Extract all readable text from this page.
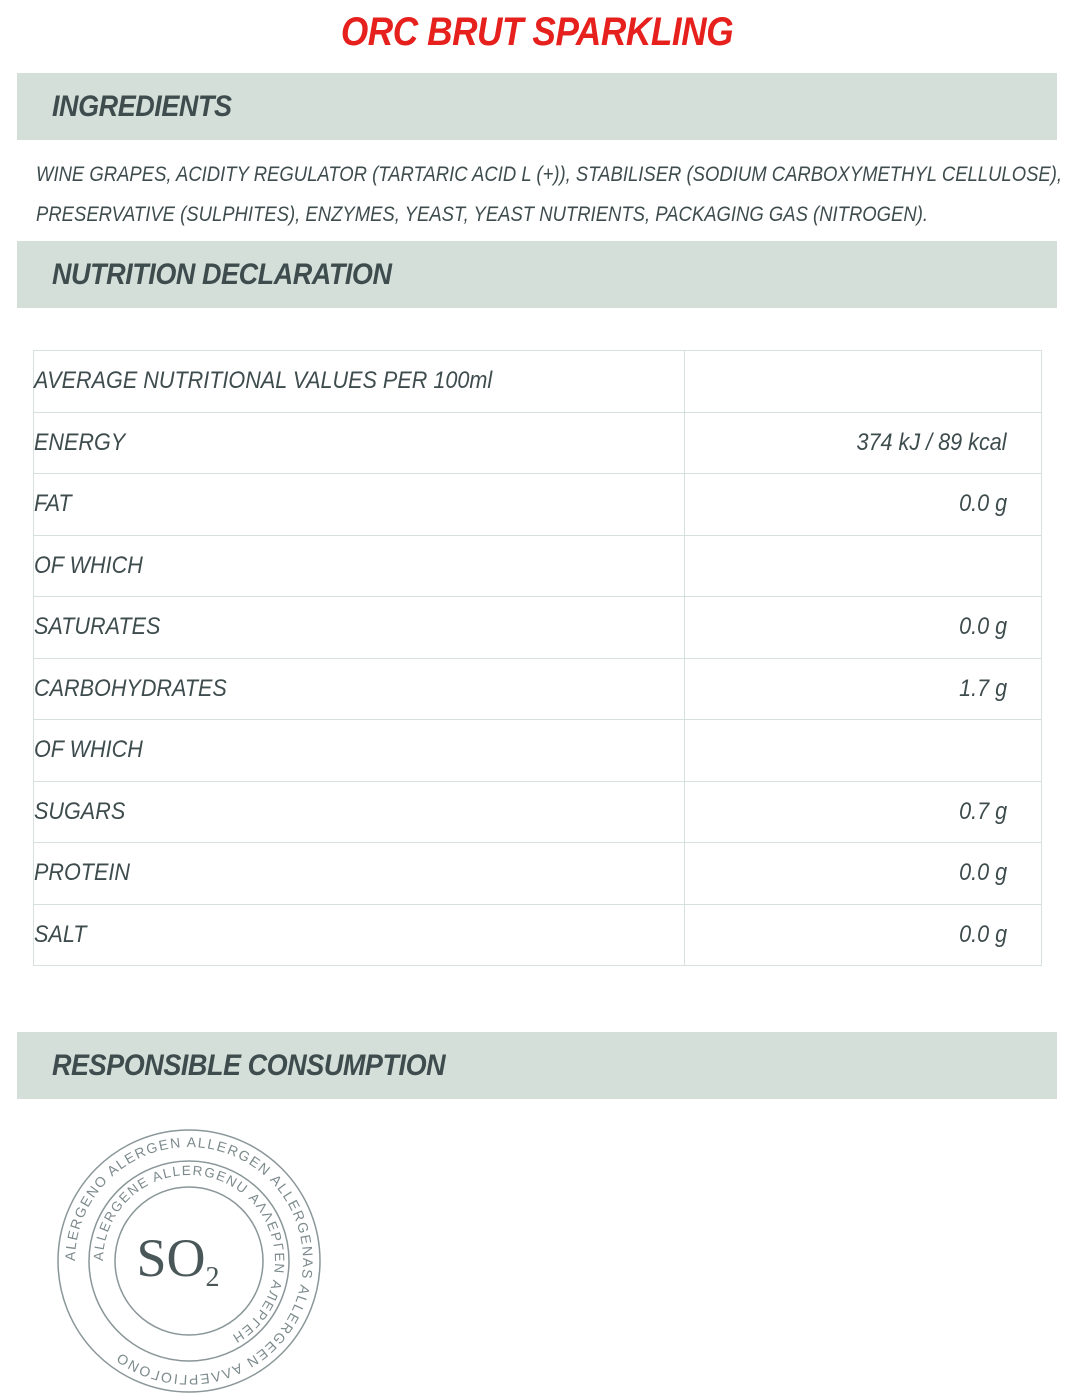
ORC BRUT SPARKLING
INGREDIENTS
WINE GRAPES, ACIDITY REGULATOR (TARTARIC ACID L (+)), STABILISER (SODIUM CARBOXYMETHYL CELLULOSE),
PRESERVATIVE (SULPHITES), ENZYMES, YEAST, YEAST NUTRIENTS, PACKAGING GAS (NITROGEN).
NUTRITION DECLARATION
AVERAGE NUTRITIONAL VALUES PER 100ml	
ENERGY	374 kJ / 89 kcal
FAT	0.0 g
OF WHICH	
SATURATES	0.0 g
CARBOHYDRATES	1.7 g
OF WHICH	
SUGARS	0.7 g
PROTEIN	0.0 g
SALT	0.0 g
RESPONSIBLE CONSUMPTION
ALERGENO ALERGEN ALLERGEN ALLERGENAS ALLERGEEN ΑΛΛΕΡΓΙΟΓΟΝΟ
ALLERGENE ALLERGENU ΑΛΛΕΡΓΕΝ АЛЕРГЕН
SO2
